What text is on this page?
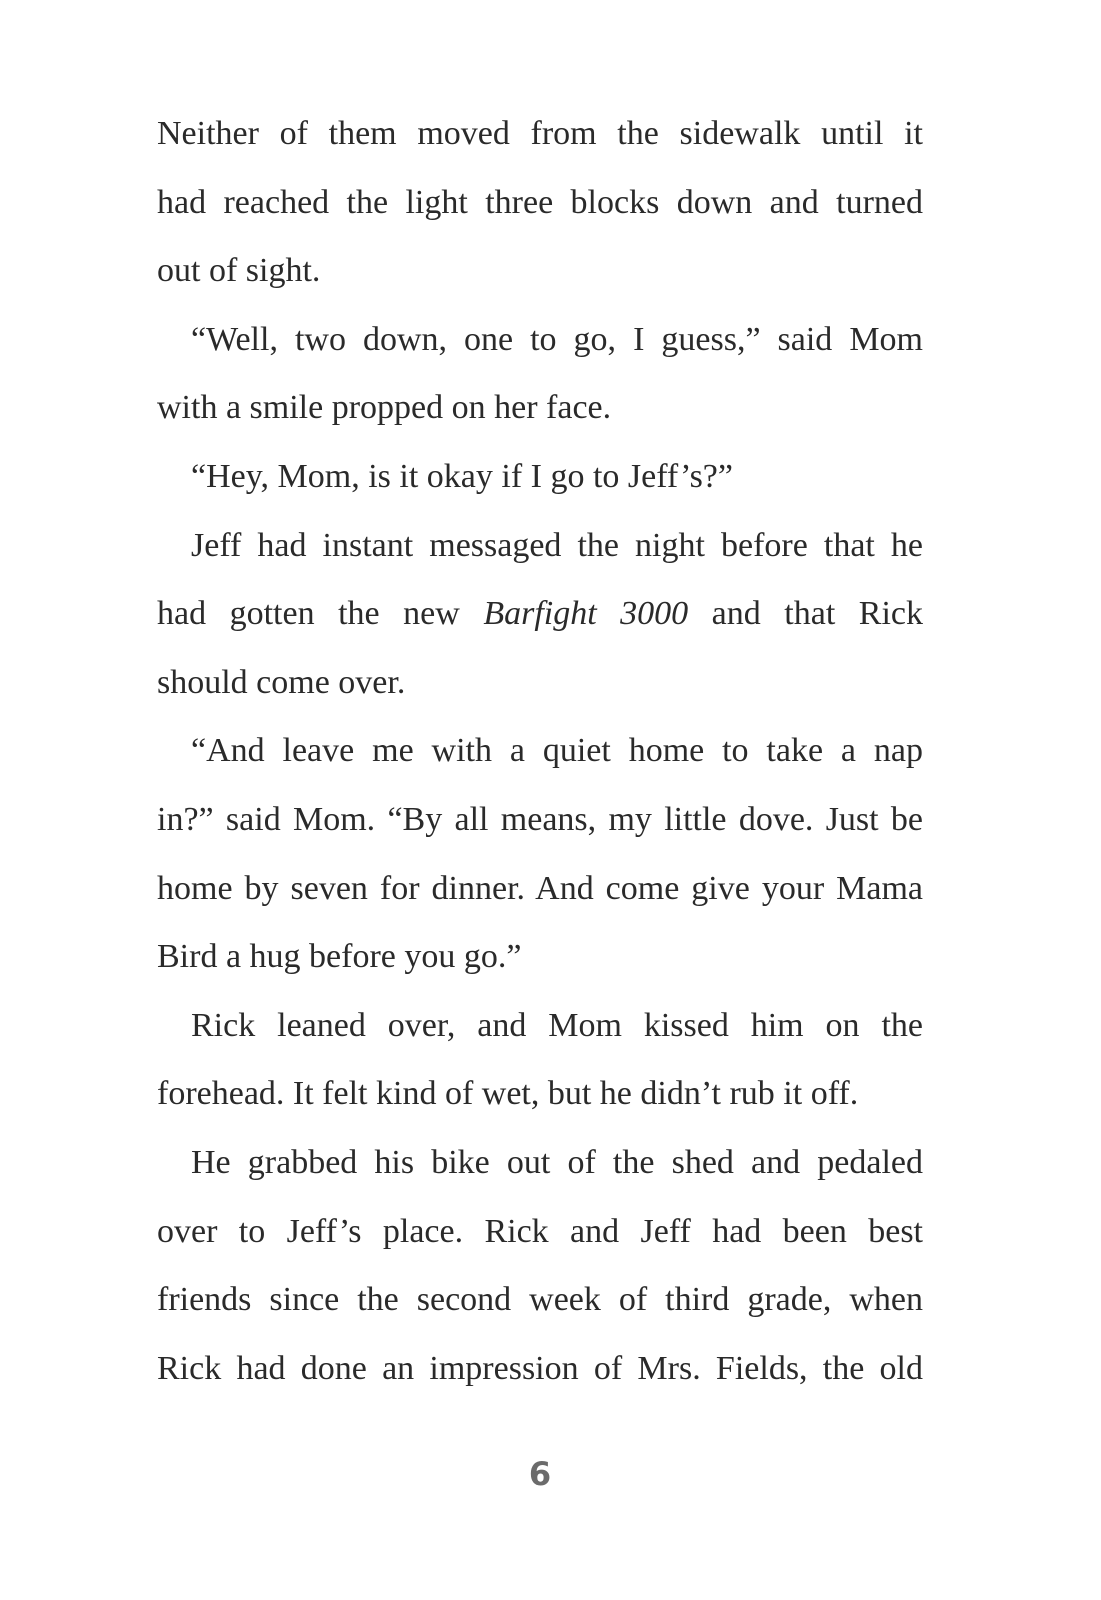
Neither of them moved from the sidewalk until it
had reached the light three blocks down and turned
out of sight.
“Well, two down, one to go, I guess,” said Mom
with a smile propped on her face.
“Hey, Mom, is it okay if I go to Jeff’s?”
Jeff had instant messaged the night before that he
had gotten the new Barfight 3000 and that Rick
should come over.
“And leave me with a quiet home to take a nap
in?” said Mom. “By all means, my little dove. Just be
home by seven for dinner. And come give your Mama
Bird a hug before you go.”
Rick leaned over, and Mom kissed him on the
forehead. It felt kind of wet, but he didn’t rub it off.
He grabbed his bike out of the shed and pedaled
over to Jeff’s place. Rick and Jeff had been best
friends since the second week of third grade, when
Rick had done an impression of Mrs. Fields, the old
6
